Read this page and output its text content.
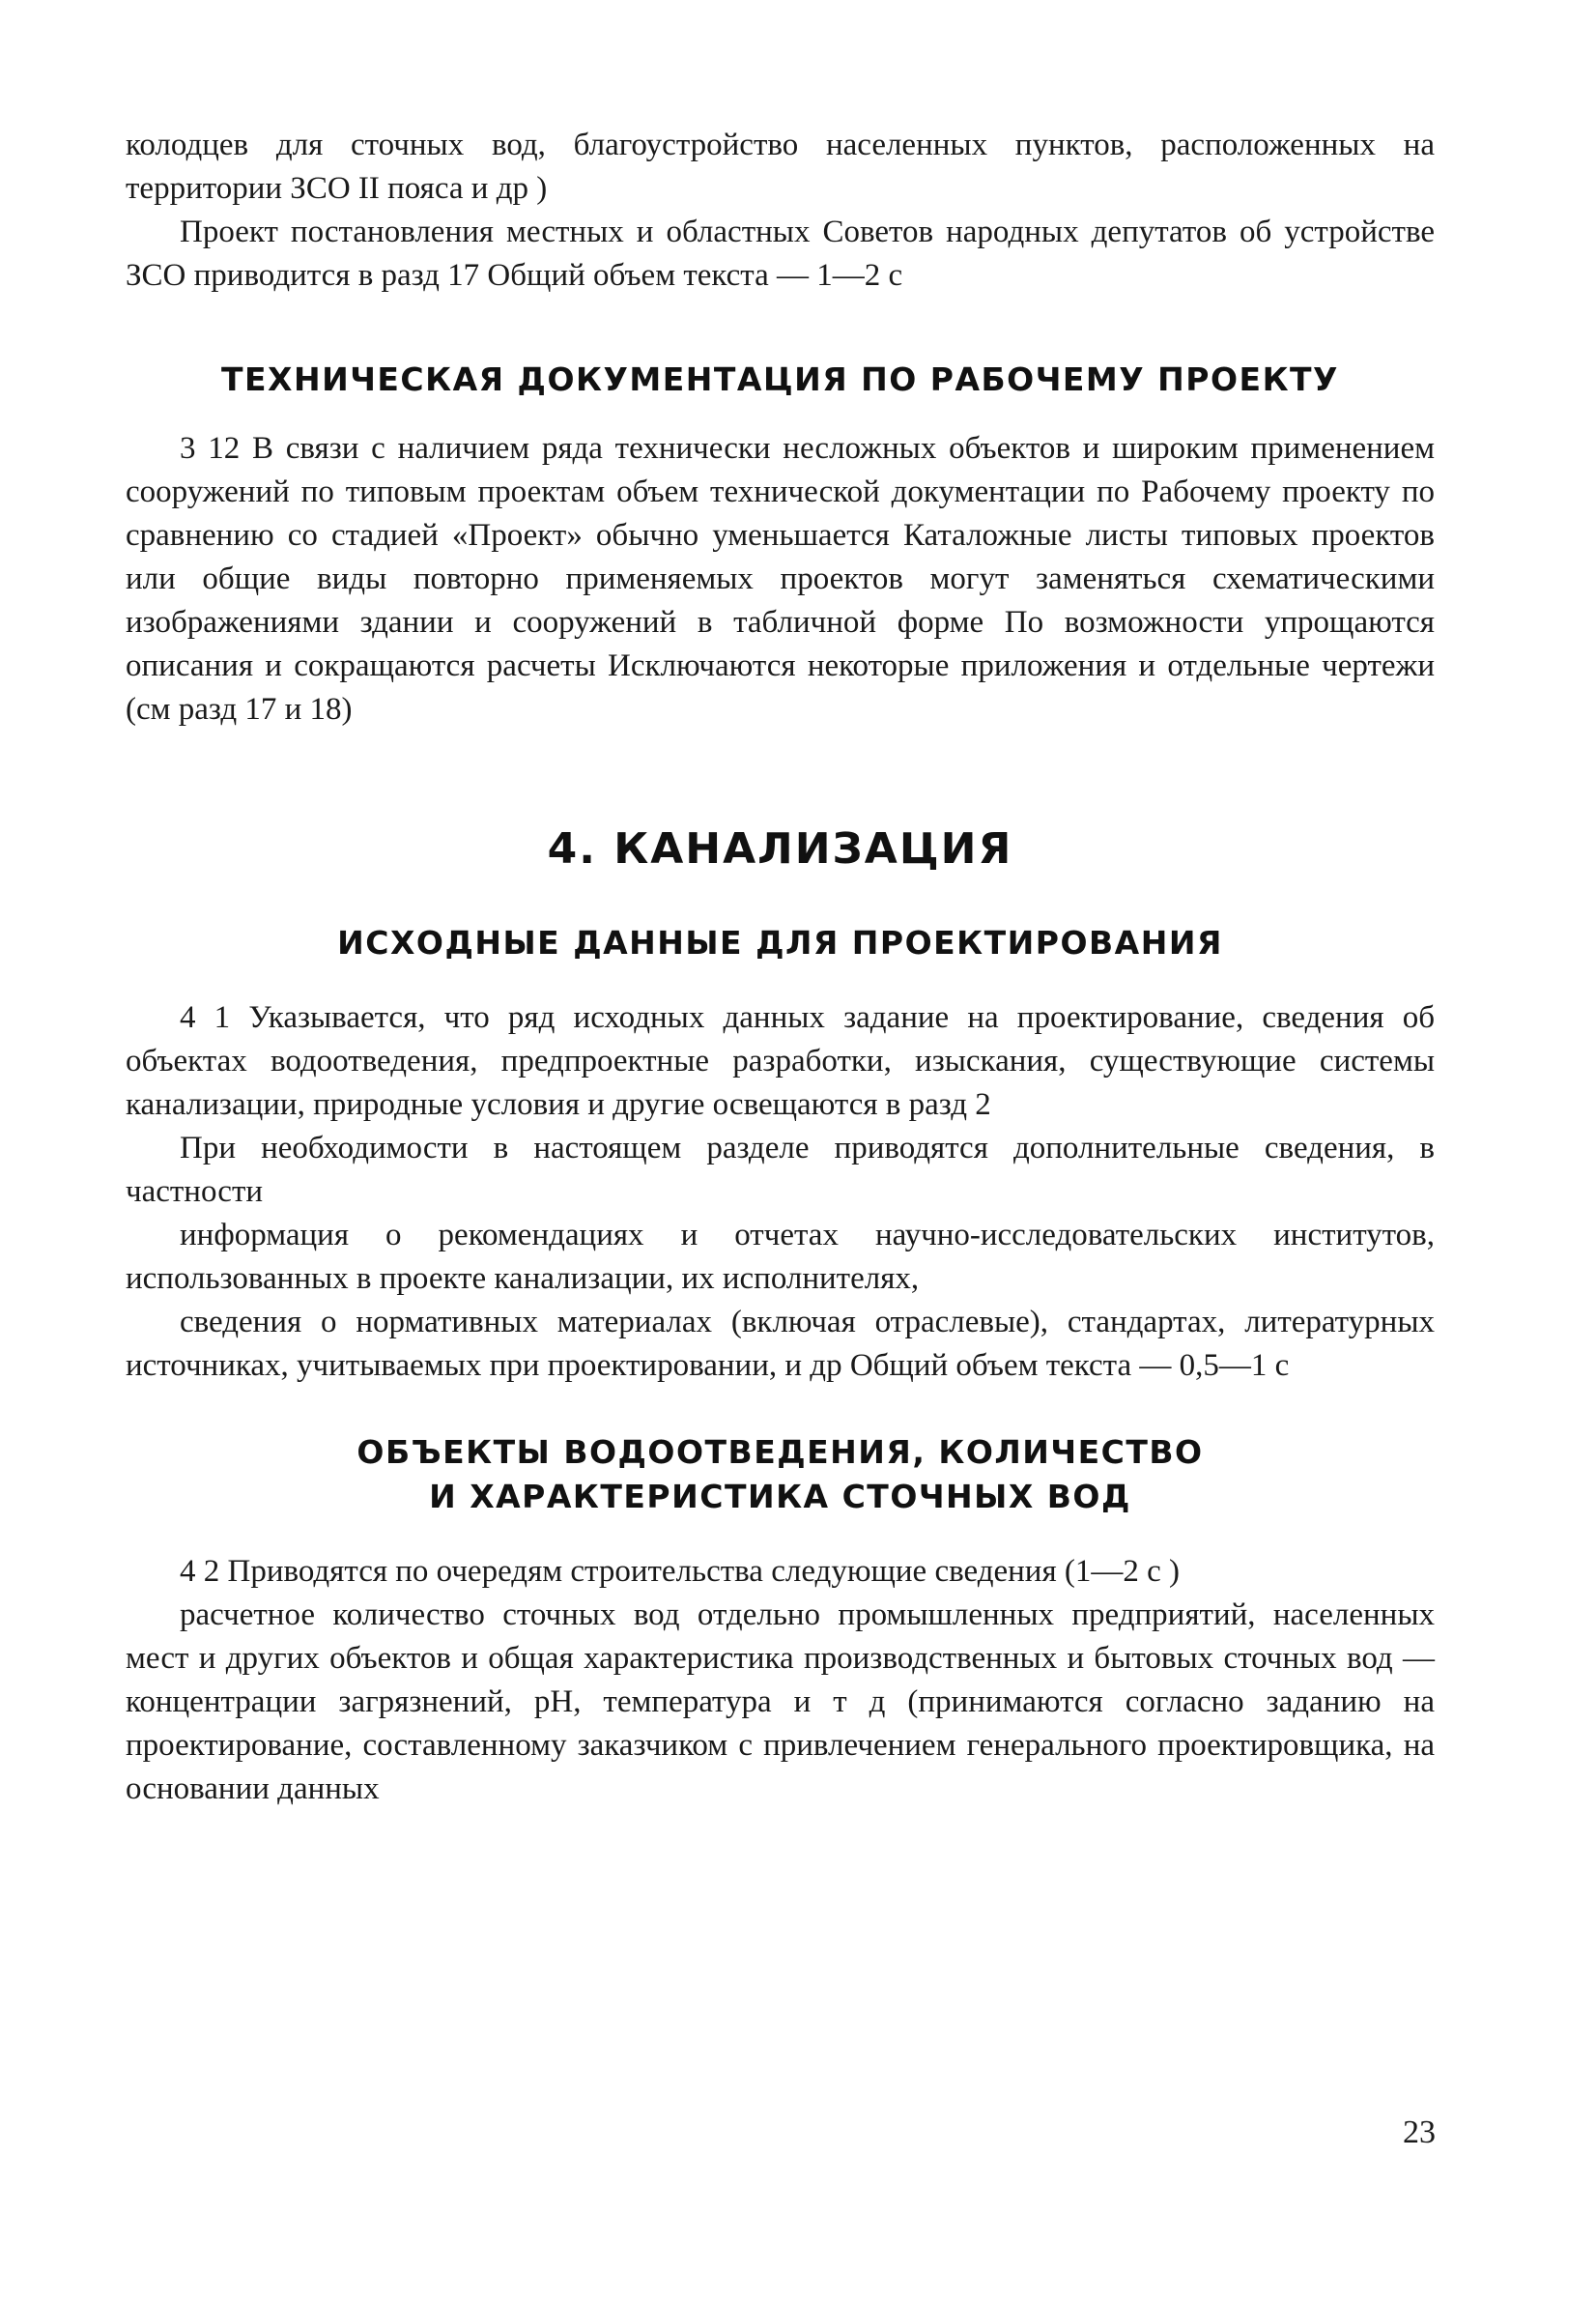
колодцев для сточных вод, благоустройство населенных пунктов, расположенных на территории ЗСО II пояса и др )

Проект постановления местных и областных Советов народных депутатов об устройстве ЗСО приводится в разд 17 Общий объем текста — 1—2 с

ТЕХНИЧЕСКАЯ ДОКУМЕНТАЦИЯ ПО РАБОЧЕМУ ПРОЕКТУ

3 12 В связи с наличием ряда технически несложных объектов и широким применением сооружений по типовым проектам объем технической документации по Рабочему проекту по сравнению со стадией «Проект» обычно уменьшается Каталожные листы типовых проектов или общие виды повторно применяемых проектов могут заменяться схематическими изображениями здании и сооружений в табличной форме По возможности упрощаются описания и сокращаются расчеты Исключаются некоторые приложения и отдельные чертежи (см разд 17 и 18)

4. КАНАЛИЗАЦИЯ
ИСХОДНЫЕ ДАННЫЕ ДЛЯ ПРОЕКТИРОВАНИЯ

4 1 Указывается, что ряд исходных данных задание на проектирование, сведения об объектах водоотведения, предпроектные разработки, изыскания, существующие системы канализации, природные условия и другие освещаются в разд 2

При необходимости в настоящем разделе приводятся дополнительные сведения, в частности

информация о рекомендациях и отчетах научно-исследовательских институтов, использованных в проекте канализации, их исполнителях,

сведения о нормативных материалах (включая отраслевые), стандартах, литературных источниках, учитываемых при проектировании, и др Общий объем текста — 0,5—1 с

ОБЪЕКТЫ ВОДООТВЕДЕНИЯ, КОЛИЧЕСТВО
И ХАРАКТЕРИСТИКА СТОЧНЫХ ВОД

4 2 Приводятся по очередям строительства следующие сведения (1—2 с )

расчетное количество сточных вод отдельно промышленных предприятий, населенных мест и других объектов и общая характеристика производственных и бытовых сточных вод — концентрации загрязнений, pH, температура и т д (принимаются согласно заданию на проектирование, составленному заказчиком с привлечением генерального проектировщика, на основании данных

23
